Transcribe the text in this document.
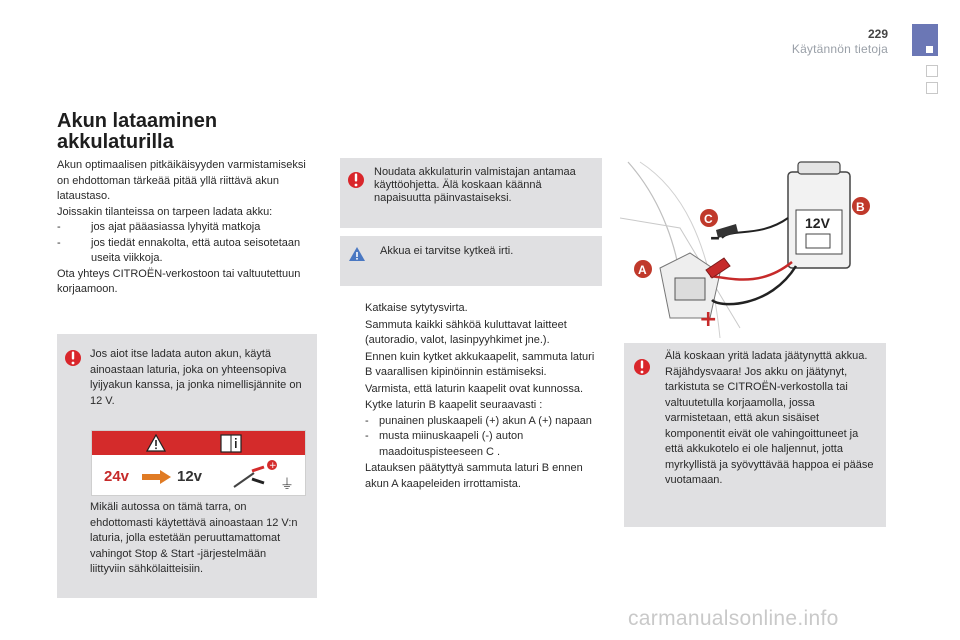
229
Käytännön tietoja
Akun lataaminen
akkulaturilla
Akun optimaalisen pitkäikäisyyden varmistamiseksi on ehdottoman tärkeää pitää yllä riittävä akun lataustaso.
Joissakin tilanteissa on tarpeen ladata akku:
-	jos ajat pääasiassa lyhyitä matkoja
-	jos tiedät ennakolta, että autoa seisotetaan useita viikkoja.
Ota yhteys CITROËN-verkostoon tai valtuutettuun korjaamoon.
Jos aiot itse ladata auton akun, käytä ainoastaan laturia, joka on yhteensopiva lyijyakun kanssa, ja jonka nimellisjännite on 12 V.
24v	12v
+
⏚
Mikäli autossa on tämä tarra, on ehdottomasti käytettävä ainoastaan 12 V:n laturia, jolla estetään peruuttamattomat vahingot Stop & Start -järjestelmään liittyviin sähkölaitteisiin.
Noudata akkulaturin valmistajan antamaa käyttöohjetta. Älä koskaan käännä napaisuutta päinvastaiseksi.
Akkua ei tarvitse kytkeä irti.
Katkaise sytytysvirta.
Sammuta kaikki sähköä kuluttavat laitteet (autoradio, valot, lasinpyyhkimet jne.).
Ennen kuin kytket akkukaapelit, sammuta laturi B vaarallisen kipinöinnin estämiseksi.
Varmista, että laturin kaapelit ovat kunnossa.
Kytke laturin B kaapelit seuraavasti :
- punainen pluskaapeli (+) akun A (+) napaan
- musta miinuskaapeli (-) auton maadoituspisteeseen C .
Latauksen päätyttyä sammuta laturi B ennen akun A kaapeleiden irrottamista.
12V
+
–
C
B
A
Älä koskaan yritä ladata jäätynyttä akkua. Räjähdysvaara! Jos akku on jäätynyt, tarkistuta se CITROËN-verkostolla tai valtuutetulla korjaamolla, jossa varmistetaan, että akun sisäiset komponentit eivät ole vahingoittuneet ja että akkukotelo ei ole haljennut, jotta myrkyllistä ja syövyttävää happoa ei pääse vuotamaan.
carmanualsonline.info
